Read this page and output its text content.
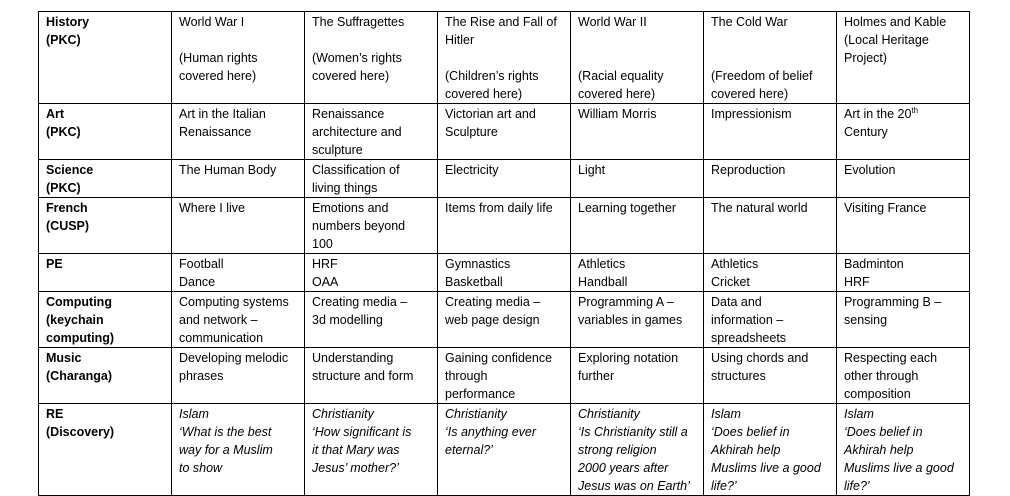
History
(PKC)	World War I

(Human rights
covered here)	The Suffragettes

(Women’s rights
covered here)	The Rise and Fall of
Hitler

(Children’s rights
covered here)	World War II

(Racial equality
covered here)	The Cold War

(Freedom of belief
covered here)	Holmes and Kable
(Local Heritage
Project)

Art
(PKC)	Art in the Italian
Renaissance	Renaissance
architecture and
sculpture	Victorian art and
Sculpture	William Morris	Impressionism	Art in the 20th
Century

Science
(PKC)	The Human Body	Classification of
living things	Electricity	Light	Reproduction	Evolution

French
(CUSP)	Where I live	Emotions and
numbers beyond
100	Items from daily life	Learning together	The natural world	Visiting France

PE	Football
Dance	HRF
OAA	Gymnastics
Basketball	Athletics
Handball	Athletics
Cricket	Badminton
HRF

Computing
(keychain
computing)	Computing systems
and network –
communication	Creating media –
3d modelling	Creating media –
web page design	Programming A –
variables in games	Data and
information –
spreadsheets	Programming B –
sensing

Music
(Charanga)	Developing melodic
phrases	Understanding
structure and form	Gaining confidence
through
performance	Exploring notation
further	Using chords and
structures	Respecting each
other through
composition

RE
(Discovery)	Islam
‘What is the best
way for a Muslim
to show	Christianity
‘How significant is
it that Mary was
Jesus’ mother?’	Christianity
‘Is anything ever
eternal?’	Christianity
‘Is Christianity still a
strong religion
2000 years after
Jesus was on Earth’	Islam
‘Does belief in
Akhirah help
Muslims live a good
life?’	Islam
‘Does belief in
Akhirah help
Muslims live a good
life?’
